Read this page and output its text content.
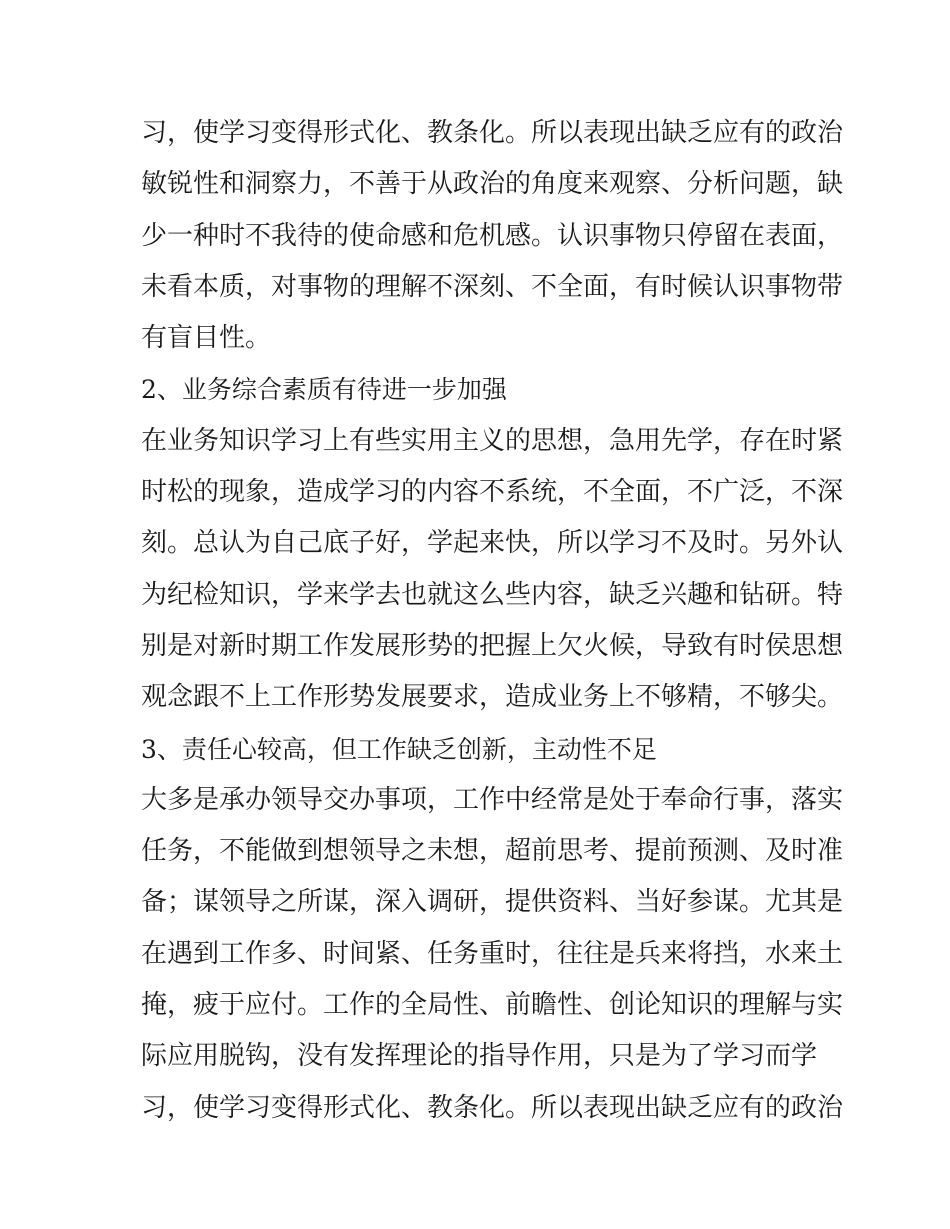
习，使学习变得形式化、教条化。所以表现出缺乏应有的政治
敏锐性和洞察力，不善于从政治的角度来观察、分析问题，缺
少一种时不我待的使命感和危机感。认识事物只停留在表面，
未看本质，对事物的理解不深刻、不全面，有时候认识事物带
有盲目性。
2、业务综合素质有待进一步加强
在业务知识学习上有些实用主义的思想，急用先学，存在时紧
时松的现象，造成学习的内容不系统，不全面，不广泛，不深
刻。总认为自己底子好，学起来快，所以学习不及时。另外认
为纪检知识，学来学去也就这么些内容，缺乏兴趣和钻研。特
别是对新时期工作发展形势的把握上欠火候，导致有时侯思想
观念跟不上工作形势发展要求，造成业务上不够精，不够尖。
3、责任心较高，但工作缺乏创新，主动性不足
大多是承办领导交办事项，工作中经常是处于奉命行事，落实
任务，不能做到想领导之未想，超前思考、提前预测、及时准
备；谋领导之所谋，深入调研，提供资料、当好参谋。尤其是
在遇到工作多、时间紧、任务重时，往往是兵来将挡，水来土
掩，疲于应付。工作的全局性、前瞻性、创论知识的理解与实
际应用脱钩，没有发挥理论的指导作用，只是为了学习而学
习，使学习变得形式化、教条化。所以表现出缺乏应有的政治
